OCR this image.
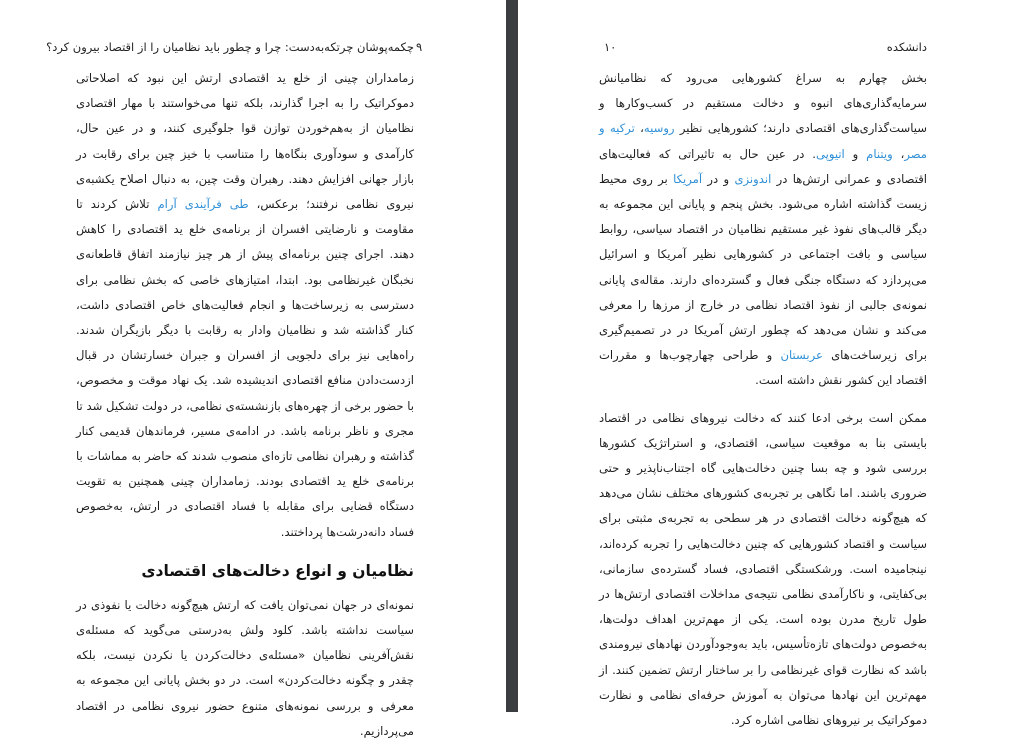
چکمه‌پوشان چرتکه‌به‌دست: چرا و چطور باید نظامیان را از اقتصاد بیرون کرد؟ ۹

زمامداران چینی از خلع ید اقتصادی ارتش این نبود که اصلاحاتی دموکراتیک را به اجرا گذارند، بلکه تنها می‌خواستند با مهار اقتصادی نظامیان از به‌هم‌خوردن توازن قوا جلوگیری کنند، و در عین حال، کارآمدی و سودآوری بنگاه‌ها را متناسب با خیز چین برای رقابت در بازار جهانی افزایش دهند. رهبران وقت چین، به دنبال اصلاح یکشبه‌ی نیروی نظامی نرفتند؛ برعکس، طی فرآیندی آرام تلاش کردند تا مقاومت و نارضایتی افسران از برنامه‌ی خلع ید اقتصادی را کاهش دهند. اجرای چنین برنامه‌ای پیش از هر چیز نیازمند اتفاق قاطعانه‌ی نخبگان غیرنظامی بود. ابتدا، امتیازهای خاصی که بخش نظامی برای دسترسی به زیرساخت‌ها و انجام فعالیت‌های خاص اقتصادی داشت، کنار گذاشته شد و نظامیان وادار به رقابت با دیگر بازیگران شدند. راه‌هایی نیز برای دلجویی از افسران و جبران خسارتشان در قبال ازدست‌دادن منافع اقتصادی اندیشیده شد. یک نهاد موقت و مخصوص، با حضور برخی از چهره‌های بازنشسته‌ی نظامی، در دولت تشکیل شد تا مجری و ناظر برنامه باشد. در ادامه‌ی مسیر، فرماندهان قدیمی کنار گذاشته و رهبران نظامی تازه‌ای منصوب شدند که حاضر به مماشات با برنامه‌ی خلع ید اقتصادی بودند. زمامداران چینی همچنین به تقویت دستگاه قضایی برای مقابله با فساد اقتصادی در ارتش، به‌خصوص فساد دانه‌درشت‌ها پرداختند.

نظامیان و انواع دخالت‌های اقتصادی

نمونه‌ای در جهان نمی‌توان یافت که ارتش هیچ‌گونه دخالت یا نفوذی در سیاست نداشته باشد. کلود ولش به‌درستی می‌گوید که مسئله‌ی نقش‌آفرینی نظامیان «مسئله‌ی دخالت‌کردن یا نکردن نیست، بلکه چقدر و چگونه دخالت‌کردن» است. در دو بخش پایانی این مجموعه به معرفی و بررسی نمونه‌های متنوع حضور نیروی نظامی در اقتصاد می‌پردازیم.

دانشکده
۱۰

بخش چهارم به سراغ کشورهایی می‌رود که نظامیانش سرمایه‌گذاری‌های انبوه و دخالت مستقیم در کسب‌وکارها و سیاست‌گذاری‌های اقتصادی دارند؛ کشورهایی نظیر روسیه، ترکیه و مصر، ویتنام و اتیوپی. در عین حال به تاثیراتی که فعالیت‌های اقتصادی و عمرانی ارتش‌ها در اندونزی و در آمریکا بر روی محیط زیست گذاشته اشاره می‌شود. بخش پنجم و پایانی این مجموعه به دیگر قالب‌های نفوذ غیر مستقیم نظامیان در اقتصاد سیاسی، روابط سیاسی و بافت اجتماعی در کشورهایی نظیر آمریکا و اسرائیل می‌پردازد که دستگاه جنگی فعال و گسترده‌ای دارند. مقاله‌ی پایانی نمونه‌ی جالبی از نفوذ اقتصاد نظامی در خارج از مرزها را معرفی می‌کند و نشان می‌دهد که چطور ارتش آمریکا در در تصمیم‌گیری برای زیرساخت‌های عربستان و طراحی چهارچوب‌ها و مقررات اقتصاد این کشور نقش داشته است.

ممکن است برخی ادعا کنند که دخالت نیروهای نظامی در اقتصاد بایستی بنا به موقعیت سیاسی، اقتصادی، و استراتژیک کشورها بررسی شود و چه بسا چنین دخالت‌هایی گاه اجتناب‌ناپذیر و حتی ضروری باشند. اما نگاهی بر تجربه‌ی کشورهای مختلف نشان می‌دهد که هیچ‌گونه دخالت اقتصادی در هر سطحی به تجربه‌ی مثبتی برای سیاست و اقتصاد کشورهایی که چنین دخالت‌هایی را تجربه کرده‌اند، نینجامیده است. ورشکستگی اقتصادی، فساد گسترده‌ی سازمانی، بی‌کفایتی، و ناکارآمدی نظامی نتیجه‌ی مداخلات اقتصادی ارتش‌ها در طول تاریخ مدرن بوده است. یکی از مهم‌ترین اهداف دولت‌ها، به‌خصوص دولت‌های تازه‌تأسیس، باید به‌وجودآوردن نهادهای نیرومندی باشد که نظارت قوای غیرنظامی را بر ساختار ارتش تضمین کنند. از مهم‌ترین این نهادها می‌توان به آموزش حرفه‌ای نظامی و نظارت دموکراتیک بر نیروهای نظامی اشاره کرد.
